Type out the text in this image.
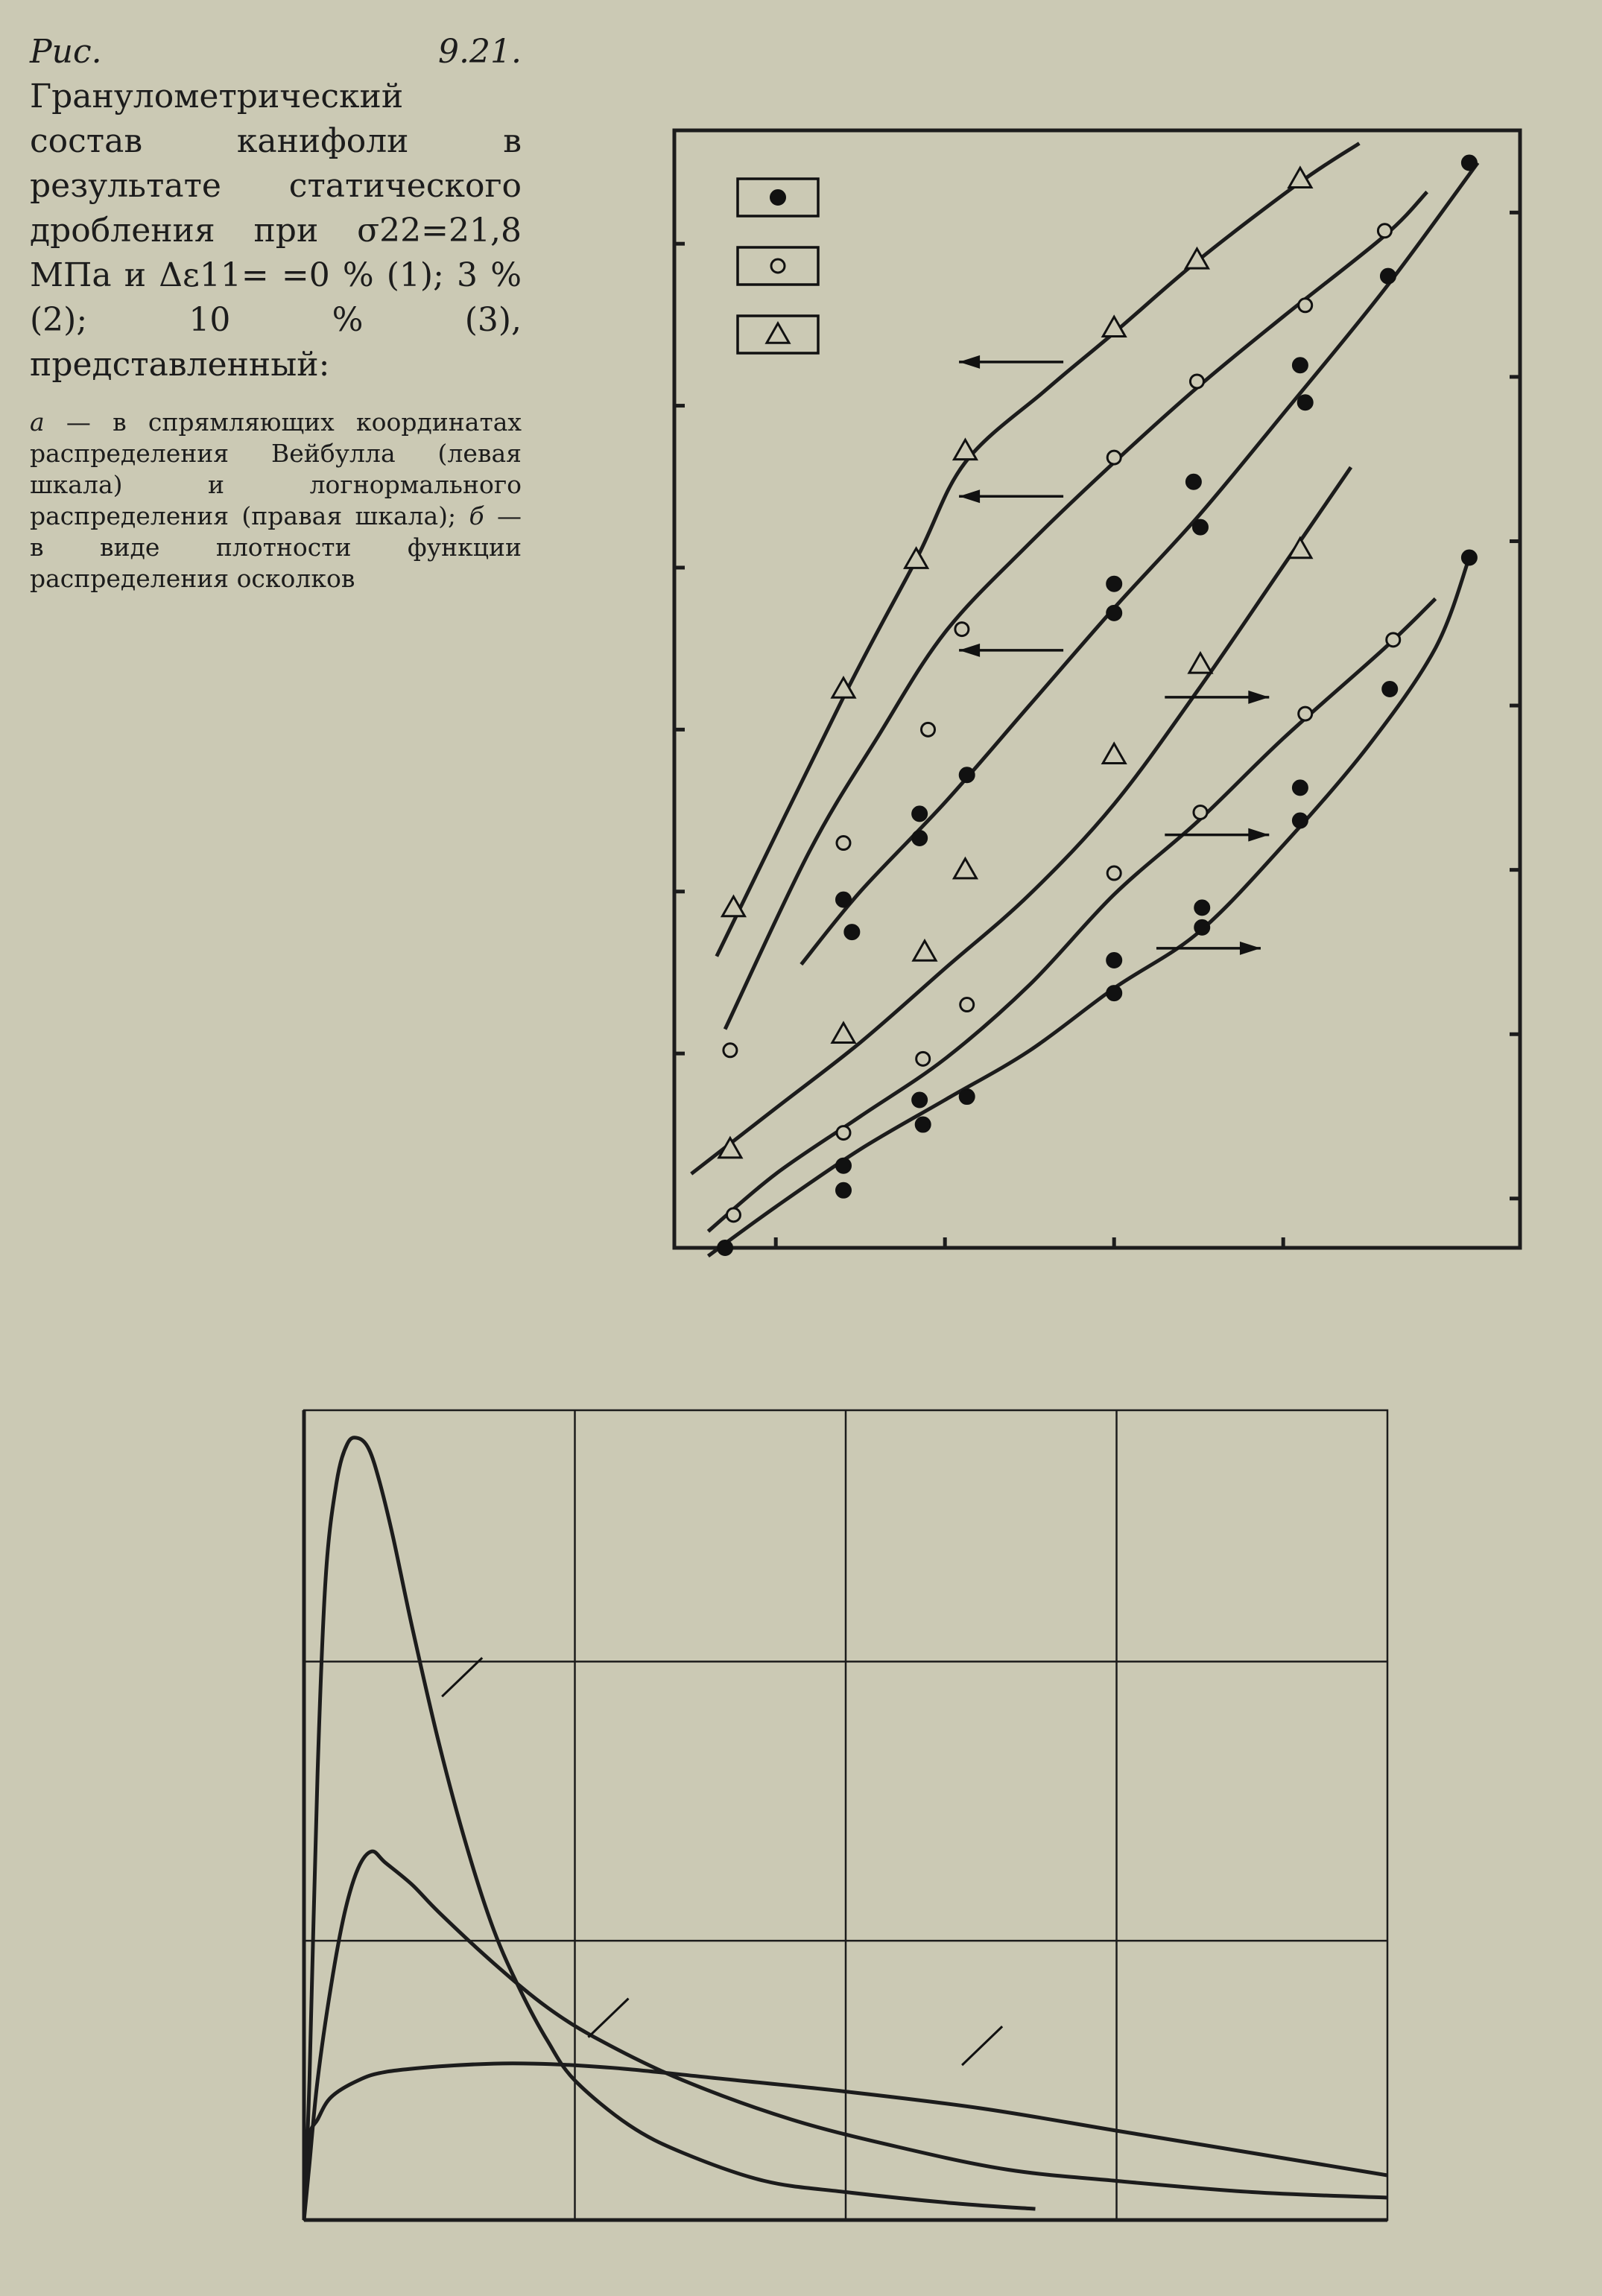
Рис. 9.21. Гранулометрический состав канифоли в результате статического дробления при σ22=21,8 МПа и Δε11= =0 % (1); 3 % (2); 10 % (3), представленный:
а — в спрямляющих координатах распределения Вейбулла (левая шкала) и логнормального распределения (правая шкала); б — в виде плотности функции распределения осколков
